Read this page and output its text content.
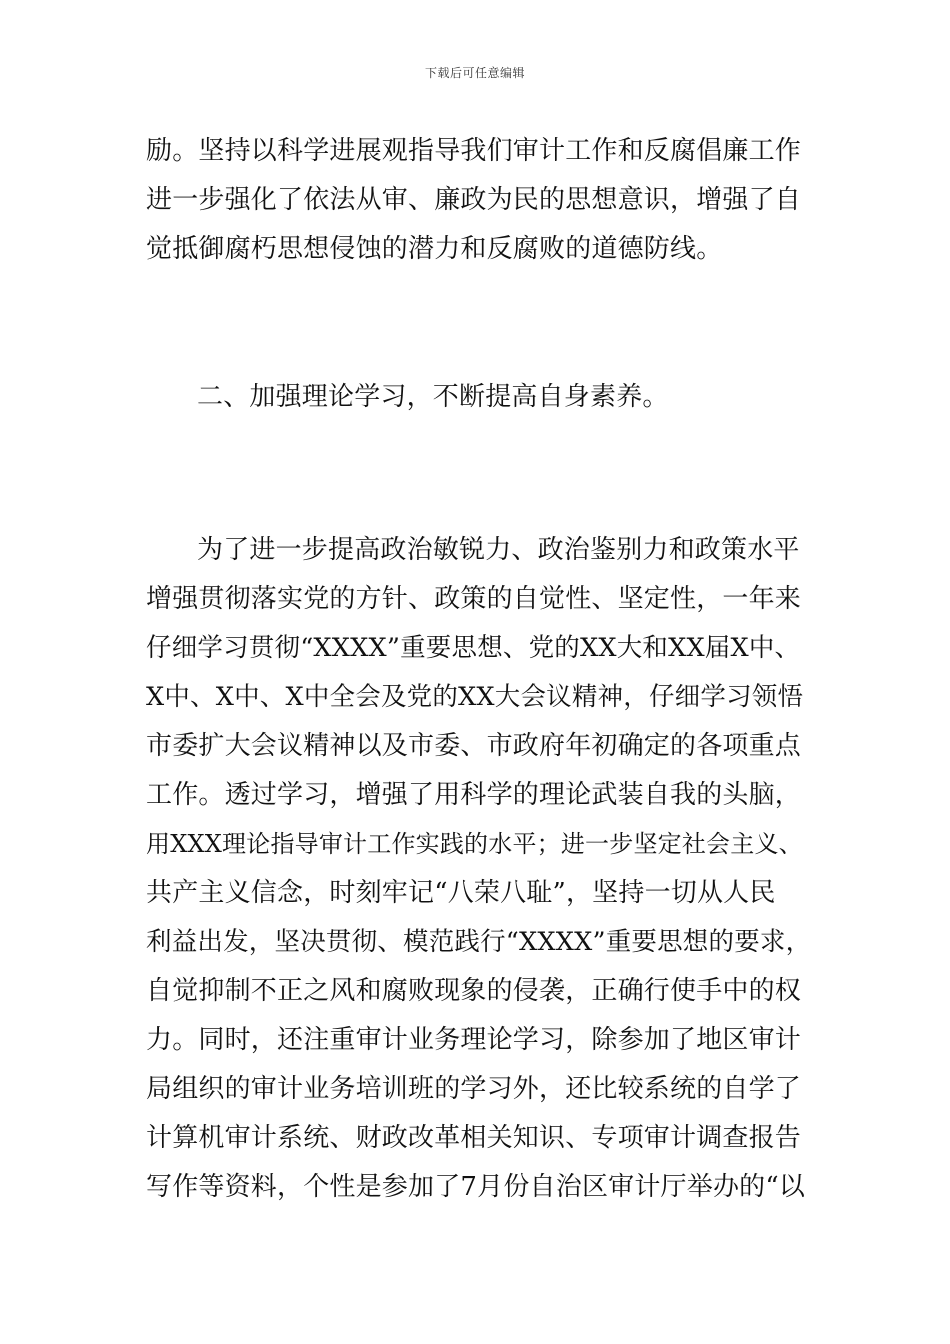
下载后可任意编辑
励。坚持以科学进展观指导我们审计工作和反腐倡廉工作
进一步强化了依法从审、廉政为民的思想意识，增强了自
觉抵御腐朽思想侵蚀的潜力和反腐败的道德防线。
二、加强理论学习，不断提高自身素养。
为了进一步提高政治敏锐力、政治鉴别力和政策水平
增强贯彻落实党的方针、政策的自觉性、坚定性，一年来
仔细学习贯彻“XXXX”重要思想、党的XX大和XX届X中、
X中、X中、X中全会及党的XX大会议精神，仔细学习领悟
市委扩大会议精神以及市委、市政府年初确定的各项重点
工作。透过学习，增强了用科学的理论武装自我的头脑，
用XXX理论指导审计工作实践的水平；进一步坚定社会主义、
共产主义信念，时刻牢记“八荣八耻”，坚持一切从人民
利益出发，坚决贯彻、模范践行“XXXX”重要思想的要求，
自觉抑制不正之风和腐败现象的侵袭，正确行使手中的权
力。同时，还注重审计业务理论学习，除参加了地区审计
局组织的审计业务培训班的学习外，还比较系统的自学了
计算机审计系统、财政改革相关知识、专项审计调查报告
写作等资料，个性是参加了7月份自治区审计厅举办的“以
